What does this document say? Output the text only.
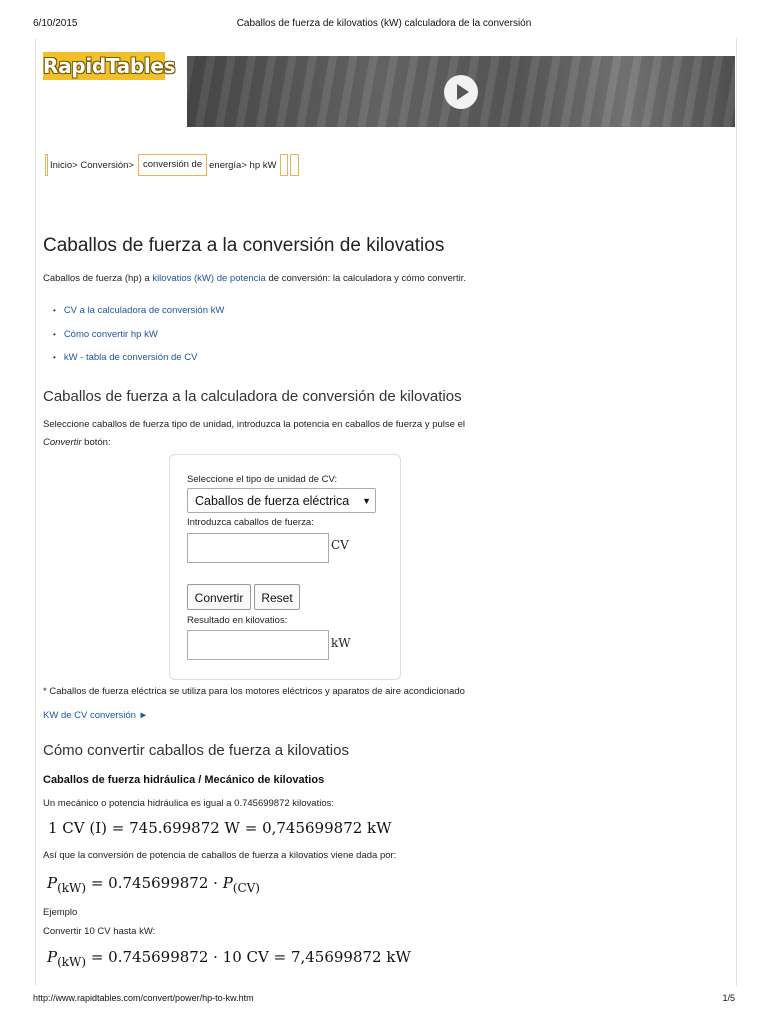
6/10/2015	Caballos de fuerza de kilovatios (kW) calculadora de la conversión
RapidTables
Inicio> Conversión> conversión de energía> hp kW
Caballos de fuerza a la conversión de kilovatios
Caballos de fuerza (hp) a kilovatios (kW) de potencia de conversión: la calculadora y cómo convertir.
• CV a la calculadora de conversión kW
• Cómo convertir hp kW
• kW - tabla de conversión de CV
Caballos de fuerza a la calculadora de conversión de kilovatios
Seleccione caballos de fuerza tipo de unidad, introduzca la potencia en caballos de fuerza y pulse el
Convertir botón:
Seleccione el tipo de unidad de CV:
Caballos de fuerza eléctrica ▼
Introduzca caballos de fuerza:
CV
Convertir	Reset
Resultado en kilovatios:
kW
* Caballos de fuerza eléctrica se utiliza para los motores eléctricos y aparatos de aire acondicionado
KW de CV conversión ►
Cómo convertir caballos de fuerza a kilovatios
Caballos de fuerza hidráulica / Mecánico de kilovatios
Un mecánico o potencia hidráulica es igual a 0.745699872 kilovatios:
1 CV (I) = 745.699872 W = 0,745699872 kW
Así que la conversión de potencia de caballos de fuerza a kilovatios viene dada por:
$P_{(kW)} = 0.745699872 \cdot P_{(CV)}$
Ejemplo
Convertir 10 CV hasta kW:
$P_{(kW)} = 0.745699872 \cdot 10$ CV = 7,45699872 kW
http://www.rapidtables.com/convert/power/hp-to-kw.htm	1/5
